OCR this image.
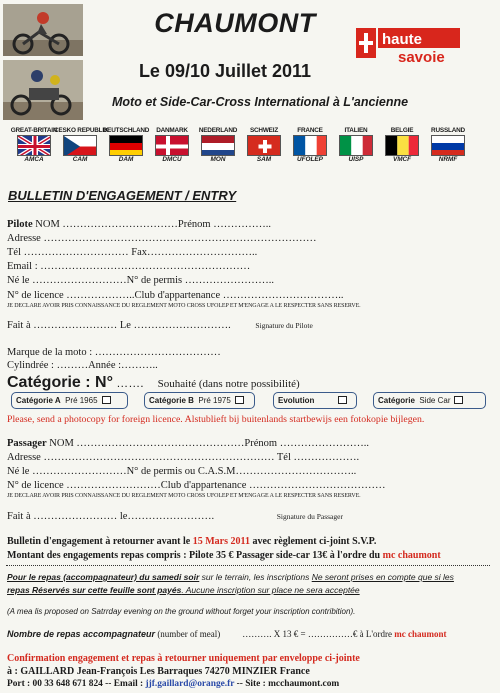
CHAUMONT
Le 09/10 Juillet 2011
Moto et Side-Car-Cross International à L'ancienne
haute
savoie
GREAT-BRITAIN
AMCA
CESKO REPUBLIK
CAM
DEUTSCHLAND
DAM
DANMARK
DMCU
NEDERLAND
MON
SCHWEIZ
SAM
FRANCE
UFOLEP
ITALIEN
UISP
BELGIE
VMCF
RUSSLAND
NRMF
BULLETIN D'ENGAGEMENT / ENTRY
Pilote NOM ……………………………Prénom ……………..
Adresse ……………………………………………………………………
Tél ………………………… Fax…………………………..
Email : ……………………………………………………
Né le ………………………N° de permis ……………………..
N° de licence ………………..Club d'appartenance ……………………………..
JE DECLARE AVOIR PRIS CONNAISSANCE DU REGLEMENT MOTO CROSS UFOLEP ET M'ENGAGE A LE RESPECTER SANS RESERVE.
Fait à …………………… Le ……………………….	Signature du Pilote
Marque de la moto : ………………………………
Cylindrée : ………Année :………..
Catégorie : N° ……. Souhaité (dans notre possibilité)
Catégorie A Pré 1965	Catégorie B Pré 1975	Evolution	Catégorie Side Car
Please, send a photocopy for foreign licence. Alstublieft bij buitenlands startbewijs een fotokopie bijlegen.
Passager NOM …………………………………………Prénom ……………………..
Adresse ………………………………………………………… Tél ……………….
Né le ………………………N° de permis ou C.A.S.M……………………………..
N° de licence ………………………Club d'appartenance …………………………………
JE DECLARE AVOIR PRIS CONNAISSANCE DU REGLEMENT MOTO CROSS UFOLEP ET M'ENGAGE A LE RESPECTER SANS RESERVE.
Fait à …………………… le…………………….	Signature du Passager
Bulletin d'engagement à retourner avant le 15 Mars 2011 avec règlement ci-joint S.V.P.
Montant des engagements repas compris : Pilote 35 € Passager side-car 13€ à l'ordre du mc chaumont
Pour le repas (accompagnateur) du samedi soir sur le terrain, les inscriptions Ne seront prises en compte que si les
repas Réservés sur cette feuille sont payés. Aucune inscription sur place ne sera acceptée
(A mea lis proposed on Satrrday evening on the ground without forget your inscription contribition).
Nombre de repas accompagnateur (number of meal) ………. X 13 € = ……………€ à L'ordre mc chaumont
Confirmation engagement et repas à retourner uniquement par enveloppe ci-jointe
à : GAILLARD Jean-François Les Barraques 74270 MINZIER France
Port : 00 33 648 671 824 -- Email : jjf.gaillard@orange.fr -- Site : mcchaumont.com
